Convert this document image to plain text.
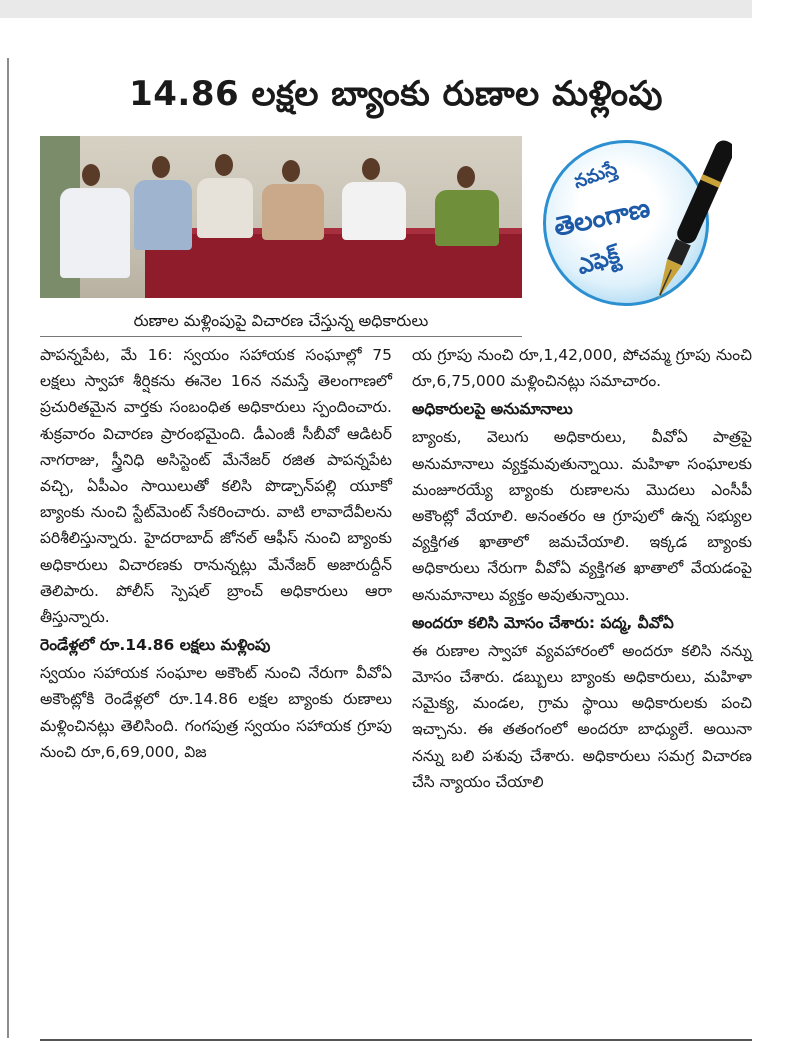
14.86 లక్షల బ్యాంకు రుణాల మళ్లింపు

రుణాల మళ్లింపుపై విచారణ చేస్తున్న అధికారులు

నమస్తే
తెలంగాణ
ఎఫెక్ట్

పాపన్నపేట, మే 16: స్వయం సహాయక సంఘాల్లో 75 లక్షలు స్వాహా శీర్షికను ఈనెల 16న నమస్తే తెలంగాణలో ప్రచురితమైన వార్తకు సంబంధిత అధికారులు స్పందించారు. శుక్రవారం విచారణ ప్రారంభమైంది. డీఎంజీ సీబీవో ఆడిటర్ నాగరాజు, స్త్రీనిధి అసిస్టెంట్ మేనేజర్ రజిత పాపన్నపేట వచ్చి, ఏపీఎం సాయిలుతో కలిసి పొడ్చాన్‌పల్లి యూకో బ్యాంకు నుంచి స్టేట్‌మెంట్ సేకరించారు. వాటి లావాదేవీలను పరిశీలిస్తున్నారు. హైదరాబాద్ జోనల్ ఆఫీస్ నుంచి బ్యాంకు అధికారులు విచారణకు రానున్నట్లు మేనేజర్ అజారుద్దీన్ తెలిపారు. పోలీస్ స్పెషల్ బ్రాంచ్ అధికారులు ఆరా తీస్తున్నారు.

రెండేళ్లలో రూ.14.86 లక్షలు మళ్లింపు

స్వయం సహాయక సంఘాల అకౌంట్ నుంచి నేరుగా వీవోఏ అకౌంట్లోకి రెండేళ్లలో రూ.14.86 లక్షల బ్యాంకు రుణాలు మళ్లించినట్లు తెలిసింది. గంగపుత్ర స్వయం సహాయక గ్రూపు నుంచి రూ,6,69,000, విజ

య గ్రూపు నుంచి రూ,1,42,000, పోచమ్మ గ్రూపు నుంచి రూ,6,75,000 మళ్లించినట్లు సమాచారం.

అధికారులపై అనుమానాలు

బ్యాంకు, వెలుగు అధికారులు, వీవోఏ పాత్రపై అనుమానాలు వ్యక్తమవుతున్నాయి. మహిళా సంఘాలకు మంజూరయ్యే బ్యాంకు రుణాలను మొదలు ఎంసీపీ అకౌంట్లో వేయాలి. అనంతరం ఆ గ్రూపులో ఉన్న సభ్యుల వ్యక్తిగత ఖాతాలో జమచేయాలి. ఇక్కడ బ్యాంకు అధికారులు నేరుగా వీవోఏ వ్యక్తిగత ఖాతాలో వేయడంపై అనుమానాలు వ్యక్తం అవుతున్నాయి.

అందరూ కలిసి మోసం చేశారు: పద్మ, వీవోఏ

ఈ రుణాల స్వాహా వ్యవహారంలో అందరూ కలిసి నన్ను మోసం చేశారు. డబ్బులు బ్యాంకు అధికారులు, మహిళా సమైక్య, మండల, గ్రామ స్థాయి అధికారులకు పంచి ఇచ్చాను. ఈ తతంగంలో అందరూ బాధ్యులే. అయినా నన్ను బలి పశువు చేశారు. అధికారులు సమగ్ర విచారణ చేసి న్యాయం చేయాలి
